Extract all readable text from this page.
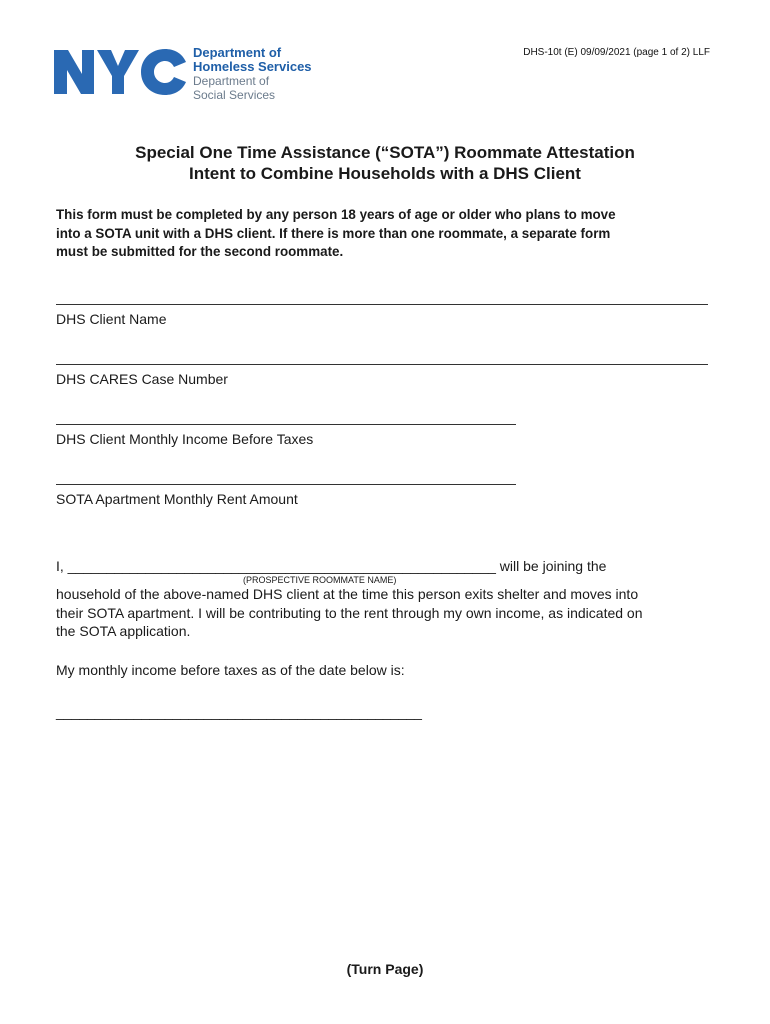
Department of
Homeless Services
Department of
Social Services
DHS-10t (E) 09/09/2021 (page 1 of 2) LLF
Special One Time Assistance (“SOTA”) Roommate Attestation
Intent to Combine Households with a DHS Client
This form must be completed by any person 18 years of age or older who plans to move
into a SOTA unit with a DHS client. If there is more than one roommate, a separate form
must be submitted for the second roommate.
DHS Client Name
DHS CARES Case Number
DHS Client Monthly Income Before Taxes
SOTA Apartment Monthly Rent Amount
I, _______________________________________________________ will be joining the
(PROSPECTIVE ROOMMATE NAME)
household of the above-named DHS client at the time this person exits shelter and moves into
their SOTA apartment. I will be contributing to the rent through my own income, as indicated on
the SOTA application.
My monthly income before taxes as of the date below is:
_______________________________________________
(Turn Page)
